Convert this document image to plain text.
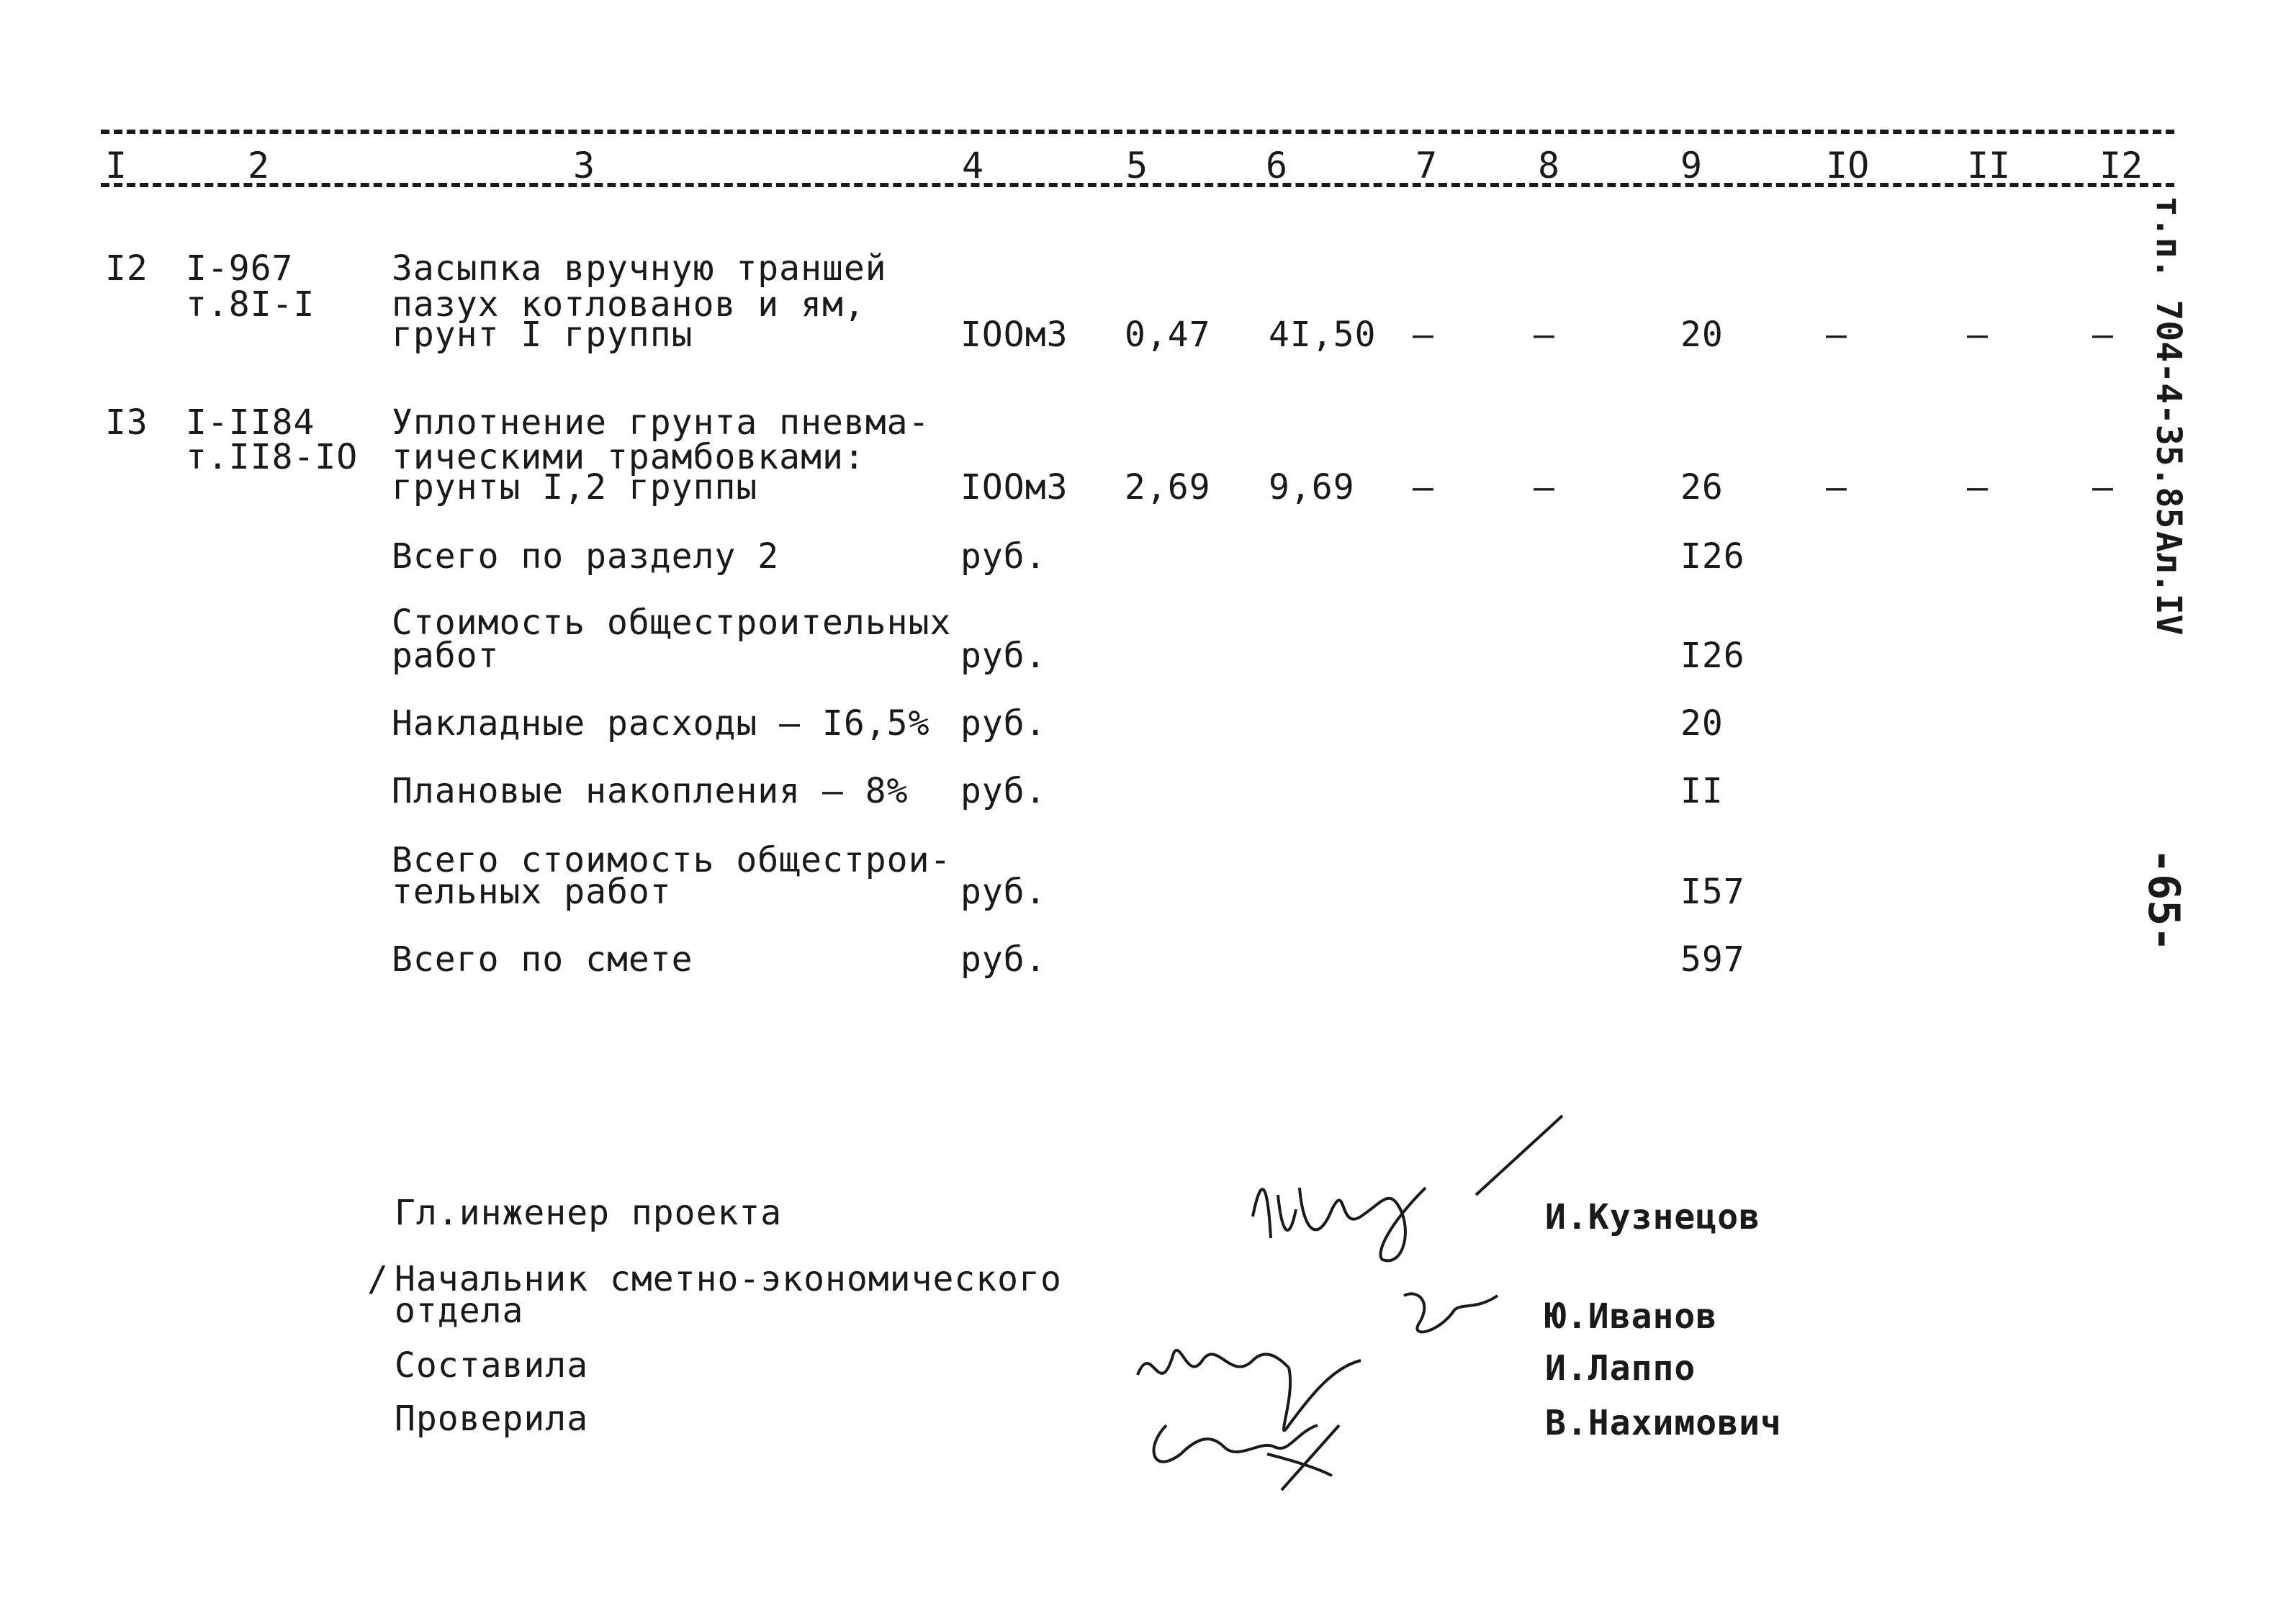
I	2	3	4	5	6	7	8	9	IO	II I2
I2 I-967
т.8I-I
Засыпка вручную траншей
пазух котлованов и ям,
грунт I группы	IOOм3 0,47 4I,50 –	–	20	–	–	–
I3 I-II84
т.II8-IO
Уплотнение грунта пневма-
тическими трамбовками:
грунты I,2 группы	IOOм3 2,69 9,69 –	–	26	–	–	–
Всего по разделу 2	руб.	I26
Стоимость общестроительных
работ	руб.	I26
Накладные расходы – I6,5% руб.	20
Плановые накопления – 8% руб.	II
Всего стоимость общестрои-
тельных работ	руб.	I57
Всего по смете	руб.	597
т.п. 704-4-35.85
Ал.IV
-65-
Гл.инженер проекта	И.Кузнецов
/ Начальник сметно-экономического
отдела	Ю.Иванов
Составила	И.Лаппо
Проверила	В.Нахимович
